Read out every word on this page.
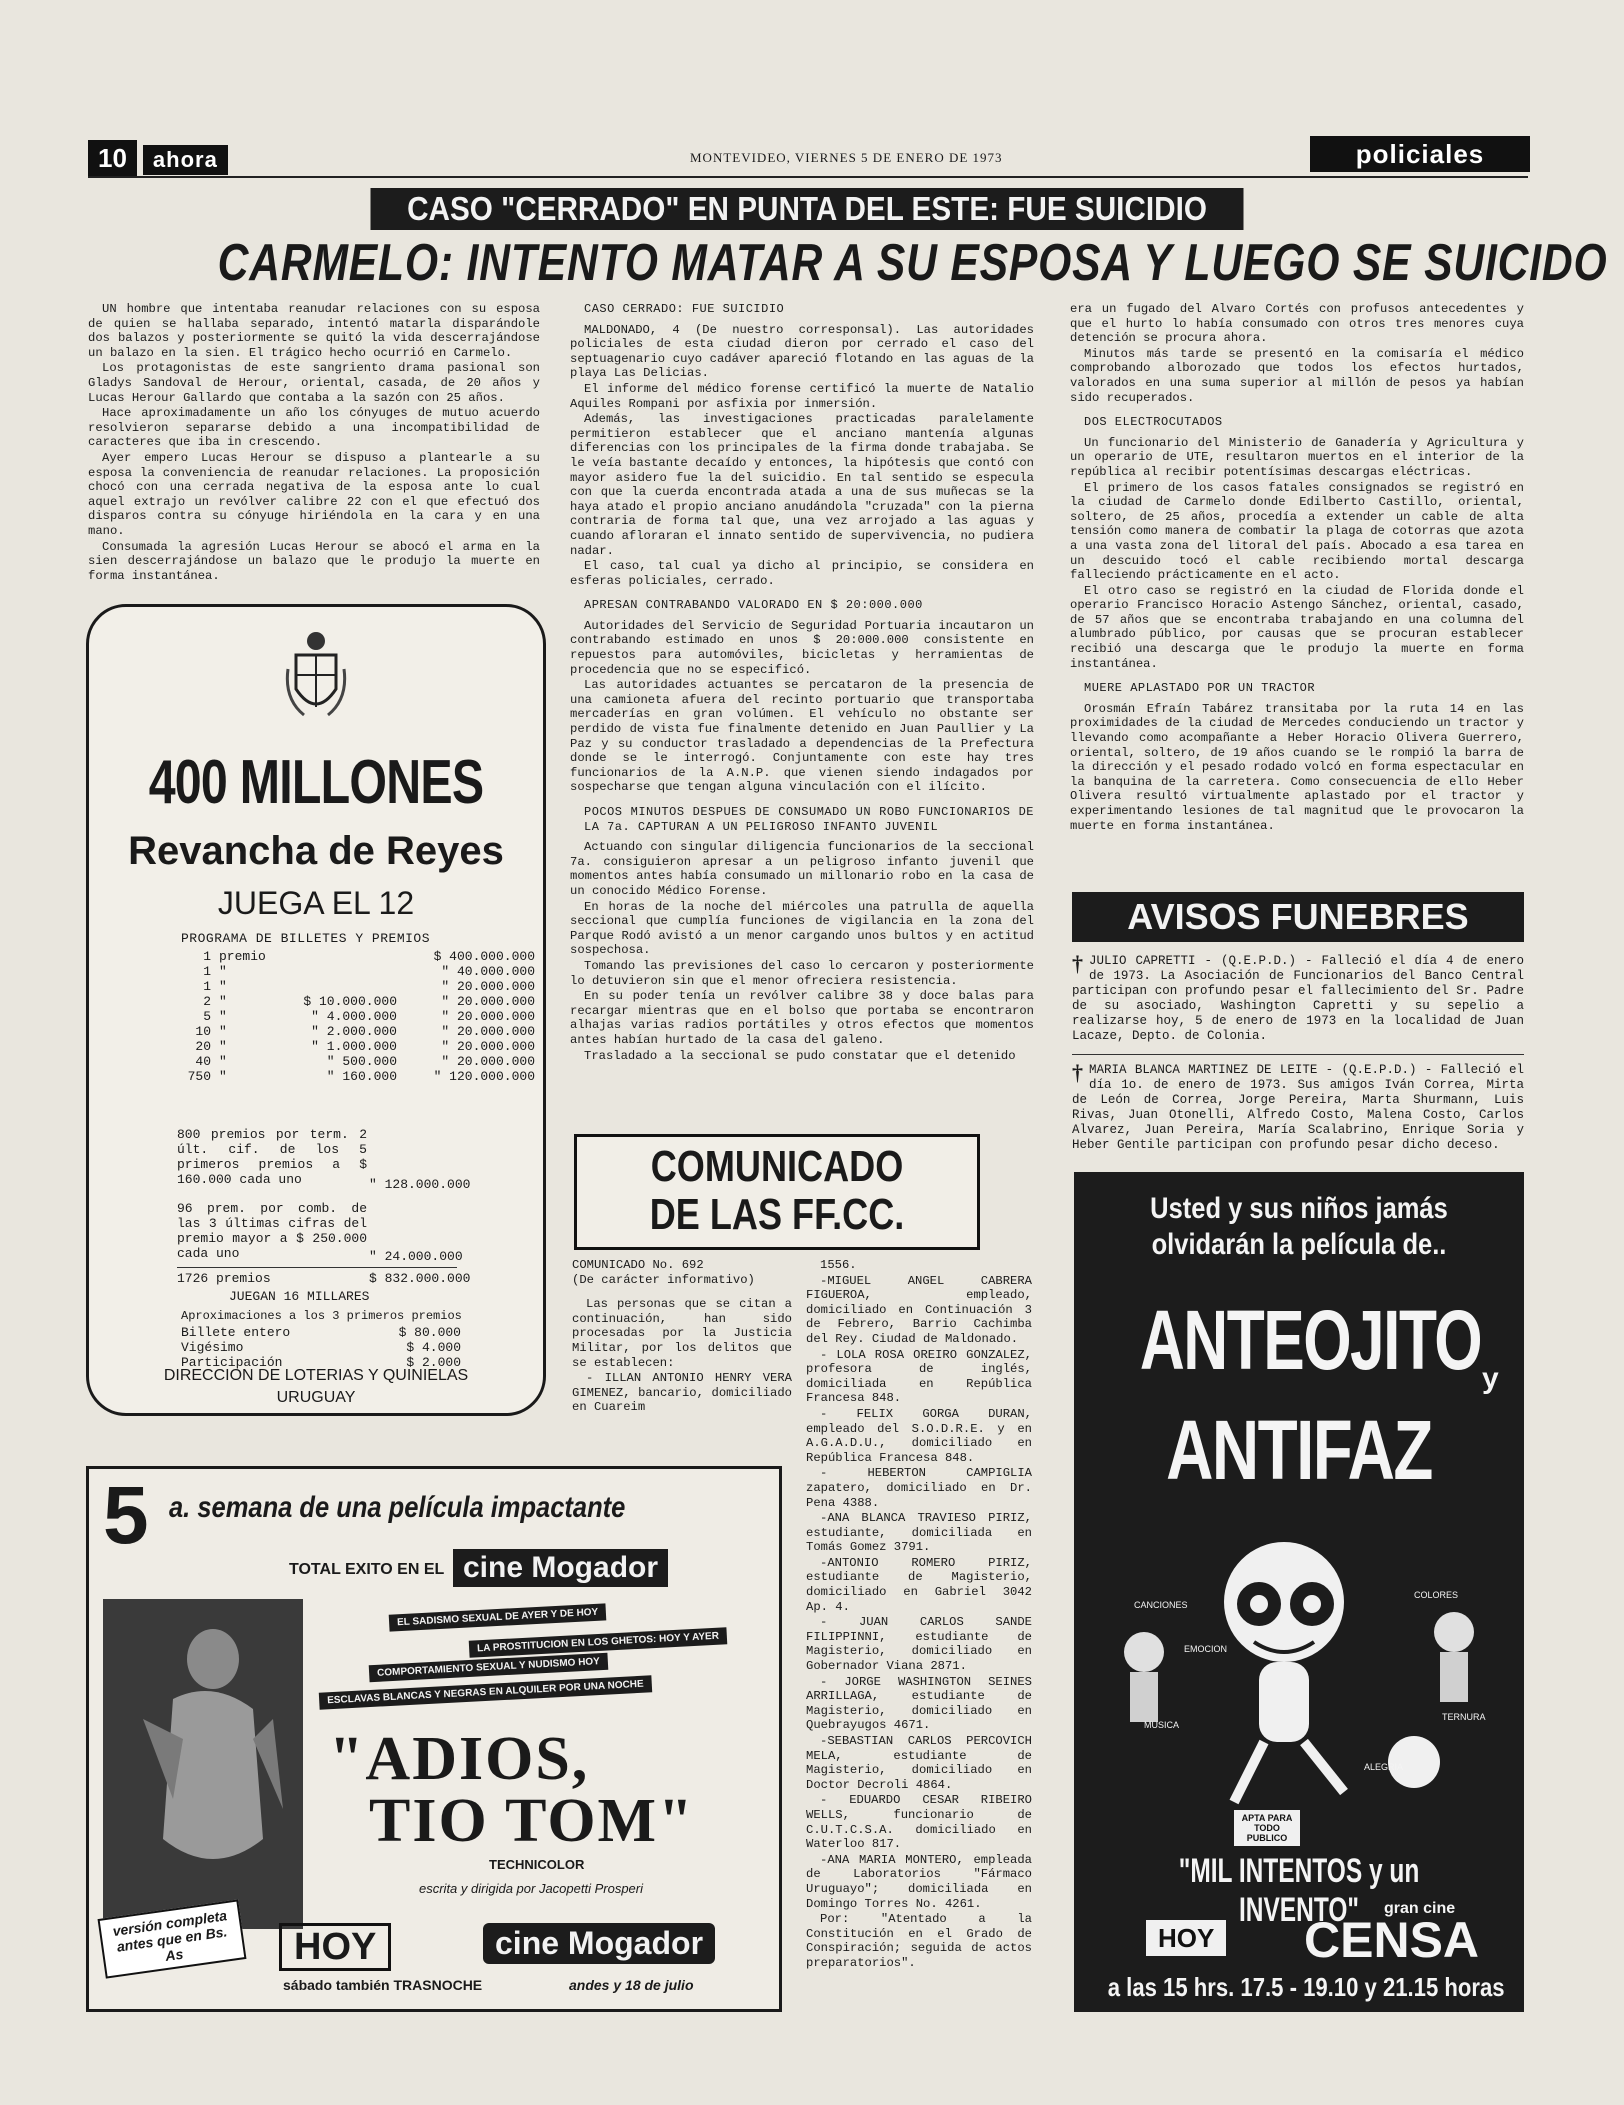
10 ahora	MONTEVIDEO, VIERNES 5 DE ENERO DE 1973	policiales
CASO "CERRADO" EN PUNTA DEL ESTE: FUE SUICIDIO
CARMELO: INTENTO MATAR A SU ESPOSA Y LUEGO SE SUICIDO

UN hombre que intentaba reanudar relaciones con su esposa de quien se hallaba separado, intentó matarla disparándole dos balazos y posteriormente se quitó la vida descerrajándose un balazo en la sien. El trágico hecho ocurrió en Carmelo.

Los protagonistas de este sangriento drama pasional son Gladys Sandoval de Herour, oriental, casada, de 20 años y Lucas Herour Gallardo que contaba a la sazón con 25 años.

Hace aproximadamente un año los cónyuges de mutuo acuerdo resolvieron separarse debido a una incompatibilidad de caracteres que iba in crescendo.

Ayer empero Lucas Herour se dispuso a plantearle a su esposa la conveniencia de reanudar relaciones. La proposición chocó con una cerrada negativa de la esposa ante lo cual aquel extrajo un revólver calibre 22 con el que efectuó dos disparos contra su cónyuge hiriéndola en la cara y en una mano.

Consumada la agresión Lucas Herour se abocó el arma en la sien descerrajándose un balazo que le produjo la muerte en forma instantánea.

400 MILLONES
Revancha de Reyes
JUEGA EL 12
PROGRAMA DE BILLETES Y PREMIOS
1	premio		$ 400.000.000
1	"		" 40.000.000
1	"		" 20.000.000
2	"	$ 10.000.000	" 20.000.000
5	"	" 4.000.000	" 20.000.000
10	"	" 2.000.000	" 20.000.000
20	"	" 1.000.000	" 20.000.000
40	"	" 500.000	" 20.000.000
750	"	" 160.000	" 120.000.000
800 premios por term. 2 últ. cif. de los 5 primeros premios a $ 160.000 cada uno	" 128.000.000
96 prem. por comb. de las 3 últimas cifras del premio mayor a $ 250.000 cada uno	" 24.000.000
1726 premios	$ 832.000.000
JUEGAN 16 MILLARES
Aproximaciones a los 3 primeros premios
Billete entero	$ 80.000
Vigésimo	$ 4.000
Participación	$ 2.000
DIRECCION DE LOTERIAS Y QUINIELAS
URUGUAY
5 a. semana de una película impactante
TOTAL EXITO EN EL cine Mogador
EL SADISMO SEXUAL DE AYER Y DE HOY
LA PROSTITUCION EN LOS GHETOS: HOY Y AYER
COMPORTAMIENTO SEXUAL Y NUDISMO HOY
ESCLAVAS BLANCAS Y NEGRAS EN ALQUILER POR UNA NOCHE
"ADIOS,
TIO TOM"
TECHNICOLOR
escrita y dirigida por Jacopetti Prosperi
versión completa antes que en Bs. As	HOY	cine Mogador
sábado también TRASNOCHE	andes y 18 de julio
CASO CERRADO: FUE SUICIDIO

MALDONADO, 4 (De nuestro corresponsal). Las autoridades policiales de esta ciudad dieron por cerrado el caso del septuagenario cuyo cadáver apareció flotando en las aguas de la playa Las Delicias.

El informe del médico forense certificó la muerte de Natalio Aquiles Rompani por asfixia por inmersión.

Además, las investigaciones practicadas paralelamente permitieron establecer que el anciano mantenía algunas diferencias con los principales de la firma donde trabajaba. Se le veía bastante decaído y entonces, la hipótesis que contó con mayor asidero fue la del suicidio. En tal sentido se especula con que la cuerda encontrada atada a una de sus muñecas se la haya atado el propio anciano anudándola "cruzada" con la pierna contraria de forma tal que, una vez arrojado a las aguas y cuando afloraran el innato sentido de supervivencia, no pudiera nadar.

El caso, tal cual ya dicho al principio, se considera en esferas policiales, cerrado.

APRESAN CONTRABANDO VALORADO EN $ 20:000.000

Autoridades del Servicio de Seguridad Portuaria incautaron un contrabando estimado en unos $ 20:000.000 consistente en repuestos para automóviles, bicicletas y herramientas de procedencia que no se especificó.

Las autoridades actuantes se percataron de la presencia de una camioneta afuera del recinto portuario que transportaba mercaderías en gran volúmen. El vehículo no obstante ser perdido de vista fue finalmente detenido en Juan Paullier y La Paz y su conductor trasladado a dependencias de la Prefectura donde se le interrogó. Conjuntamente con este hay tres funcionarios de la A.N.P. que vienen siendo indagados por sospecharse que tengan alguna vinculación con el ilícito.

POCOS MINUTOS DESPUES DE CONSUMADO UN ROBO FUNCIONARIOS DE LA 7a. CAPTURAN A UN PELIGROSO INFANTO JUVENIL

Actuando con singular diligencia funcionarios de la seccional 7a. consiguieron apresar a un peligroso infanto juvenil que momentos antes había consumado un millonario robo en la casa de un conocido Médico Forense.

En horas de la noche del miércoles una patrulla de aquella seccional que cumplía funciones de vigilancia en la zona del Parque Rodó avistó a un menor cargando unos bultos y en actitud sospechosa.

Tomando las previsiones del caso lo cercaron y posteriormente lo detuvieron sin que el menor ofreciera resistencia.

En su poder tenía un revólver calibre 38 y doce balas para recargar mientras que en el bolso que portaba se encontraron alhajas varias radios portátiles y otros efectos que momentos antes habían hurtado de la casa del galeno.

Trasladado a la seccional se pudo constatar que el detenido

COMUNICADO
DE LAS FF.CC.
COMUNICADO No. 692
(De carácter informativo)

Las personas que se citan a continuación, han sido procesadas por la Justicia Militar, por los delitos que se establecen:

- ILLAN ANTONIO HENRY VERA GIMENEZ, bancario, domiciliado en Cuareim

1556.

-MIGUEL ANGEL CABRERA FIGUEROA, empleado, domiciliado en Continuación 3 de Febrero, Barrio Cachimba del Rey. Ciudad de Maldonado.

- LOLA ROSA OREIRO GONZALEZ, profesora de inglés, domiciliada en República Francesa 848.

- FELIX GORGA DURAN, empleado del S.O.D.R.E. y en A.G.A.D.U., domiciliado en República Francesa 848.

- HEBERTON CAMPIGLIA zapatero, domiciliado en Dr. Pena 4388.

-ANA BLANCA TRAVIESO PIRIZ, estudiante, domiciliada en Tomás Gomez 3791.

-ANTONIO ROMERO PIRIZ, estudiante de Magisterio, domiciliado en Gabriel 3042 Ap. 4.

- JUAN CARLOS SANDE FILIPPINNI, estudiante de Magisterio, domiciliado en Gobernador Viana 2871.

- JORGE WASHINGTON SEINES ARRILLAGA, estudiante de Magisterio, domiciliado en Quebrayugos 4671.

-SEBASTIAN CARLOS PERCOVICH MELA, estudiante de Magisterio, domiciliado en Doctor Decroli 4864.

- EDUARDO CESAR RIBEIRO WELLS, funcionario de C.U.T.C.S.A. domiciliado en Waterloo 817.

-ANA MARIA MONTERO, empleada de Laboratorios "Fármaco Uruguayo"; domiciliada en Domingo Torres No. 4261.

Por: "Atentado a la Constitución en el Grado de Conspiración; seguida de actos preparatorios".

era un fugado del Alvaro Cortés con profusos antecedentes y que el hurto lo había consumado con otros tres menores cuya detención se procura ahora.

Minutos más tarde se presentó en la comisaría el médico comprobando alborozado que todos los efectos hurtados, valorados en una suma superior al millón de pesos ya habían sido recuperados.

DOS ELECTROCUTADOS

Un funcionario del Ministerio de Ganadería y Agricultura y un operario de UTE, resultaron muertos en el interior de la república al recibir potentísimas descargas eléctricas.

El primero de los casos fatales consignados se registró en la ciudad de Carmelo donde Edilberto Castillo, oriental, soltero, de 25 años, procedía a extender un cable de alta tensión como manera de combatir la plaga de cotorras que azota a una vasta zona del litoral del país. Abocado a esa tarea en un descuido tocó el cable recibiendo mortal descarga falleciendo prácticamente en el acto.

El otro caso se registró en la ciudad de Florida donde el operario Francisco Horacio Astengo Sánchez, oriental, casado, de 57 años que se encontraba trabajando en una columna del alumbrado público, por causas que se procuran establecer recibió una descarga que le produjo la muerte en forma instantánea.

MUERE APLASTADO POR UN TRACTOR

Orosmán Efraín Tabárez transitaba por la ruta 14 en las proximidades de la ciudad de Mercedes conduciendo un tractor y llevando como acompañante a Heber Horacio Olivera Guerrero, oriental, soltero, de 19 años cuando se le rompió la barra de la dirección y el pesado rodado volcó en forma espectacular en la banquina de la carretera. Como consecuencia de ello Heber Olivera resultó virtualmente aplastado por el tractor y experimentando lesiones de tal magnitud que le provocaron la muerte en forma instantánea.

AVISOS FUNEBRES
† JULIO CAPRETTI - (Q.E.P.D.) - Falleció el día 4 de enero de 1973. La Asociación de Funcionarios del Banco Central participan con profundo pesar el fallecimiento del Sr. Padre de su asociado, Washington Capretti y su sepelio a realizarse hoy, 5 de enero de 1973 en la localidad de Juan Lacaze, Depto. de Colonia.
† MARIA BLANCA MARTINEZ DE LEITE - (Q.E.P.D.) - Falleció el día 1o. de enero de 1973. Sus amigos Iván Correa, Mirta de León de Correa, Jorge Pereira, Marta Shurmann, Luis Rivas, Juan Otonelli, Alfredo Costo, Malena Costo, Carlos Alvarez, Juan Pereira, María Scalabrino, Enrique Soria y Heber Gentile participan con profundo pesar dicho deceso.
Usted y sus niños jamás
olvidarán la película de..
ANTEOJITO y
ANTIFAZ
CANCIONES
COLORES
EMOCION
MUSICA
TERNURA
ALEGRIA
APTA PARA TODO PUBLICO
"MIL INTENTOS y un INVENTO"	gran cine
HOY CENSA
a las 15 hrs. 17.5 - 19.10 y 21.15 horas
